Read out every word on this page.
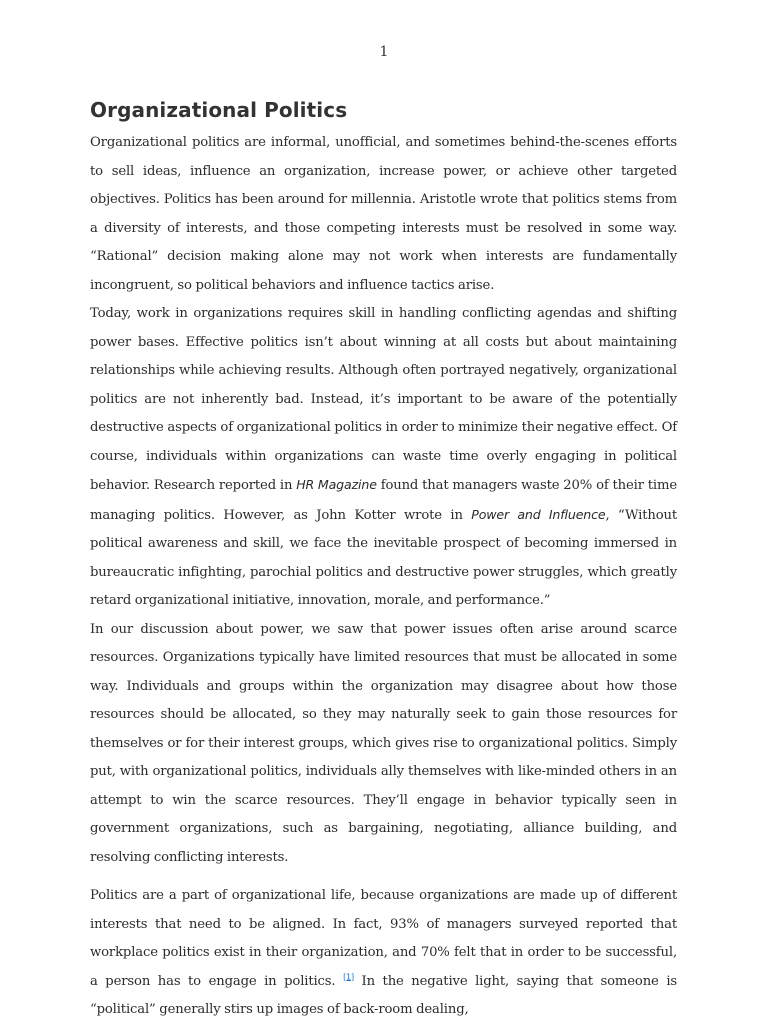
1
Organizational Politics

Organizational politics are informal, unofficial, and sometimes behind-the-scenes efforts to sell ideas, influence an organization, increase power, or achieve other targeted objectives. Politics has been around for millennia. Aristotle wrote that politics stems from a diversity of interests, and those competing interests must be resolved in some way. “Rational” decision making alone may not work when interests are fundamentally incongruent, so political behaviors and influence tactics arise.

Today, work in organizations requires skill in handling conflicting agendas and shifting power bases. Effective politics isn’t about winning at all costs but about maintaining relationships while achieving results. Although often portrayed negatively, organizational politics are not inherently bad. Instead, it’s important to be aware of the potentially destructive aspects of organizational politics in order to minimize their negative effect. Of course, individuals within organizations can waste time overly engaging in political behavior. Research reported in HR Magazine found that managers waste 20% of their time managing politics. However, as John Kotter wrote in Power and Influence, “Without political awareness and skill, we face the inevitable prospect of becoming immersed in bureaucratic infighting, parochial politics and destructive power struggles, which greatly retard organizational initiative, innovation, morale, and performance.”

In our discussion about power, we saw that power issues often arise around scarce resources. Organizations typically have limited resources that must be allocated in some way. Individuals and groups within the organization may disagree about how those resources should be allocated, so they may naturally seek to gain those resources for themselves or for their interest groups, which gives rise to organizational politics. Simply put, with organizational politics, individuals ally themselves with like-minded others in an attempt to win the scarce resources. They’ll engage in behavior typically seen in government organizations, such as bargaining, negotiating, alliance building, and resolving conflicting interests.

Politics are a part of organizational life, because organizations are made up of different interests that need to be aligned. In fact, 93% of managers surveyed reported that workplace politics exist in their organization, and 70% felt that in order to be successful, a person has to engage in politics. [1] In the negative light, saying that someone is “political” generally stirs up images of back-room dealing,
